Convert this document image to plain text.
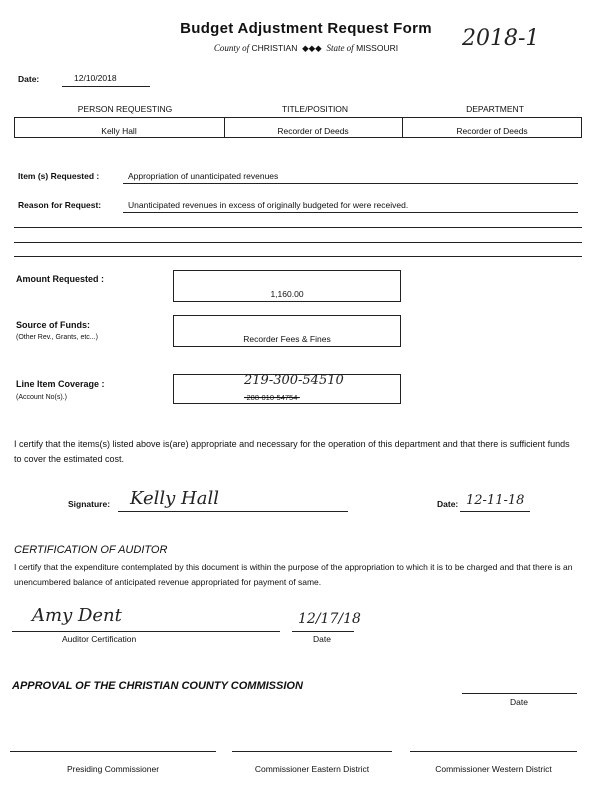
Budget Adjustment Request Form
County of CHRISTIAN ◆◆◆ State of MISSOURI	2018-1
Date:	12/10/2018
PERSON REQUESTING	TITLE/POSITION	DEPARTMENT
Kelly Hall	Recorder of Deeds	Recorder of Deeds
Item (s) Requested :	Appropriation of unanticipated revenues
Reason for Request:	Unanticipated revenues in excess of originally budgeted for were received.
Amount Requested :
1,160.00
Source of Funds:
(Other Rev., Grants, etc...)	Recorder Fees & Fines
Line Item Coverage :
(Account No(s).)
219-300-54510
-288-010-54754-
I certify that the items(s) listed above is(are) appropriate and necessary for the operation of this department and that there is sufficient funds to cover the estimated cost.
Signature: Kelly Hall	Date: 12-11-18
CERTIFICATION OF AUDITOR
I certify that the expenditure contemplated by this document is within the purpose of the appropriation to which it is to be charged and that there is an unencumbered balance of anticipated revenue appropriated for payment of same.
Amy Dent
Auditor Certification
12/17/18
Date
APPROVAL OF THE CHRISTIAN COUNTY COMMISSION
Date
Presiding Commissioner	Commissioner Eastern District	Commissioner Western District
